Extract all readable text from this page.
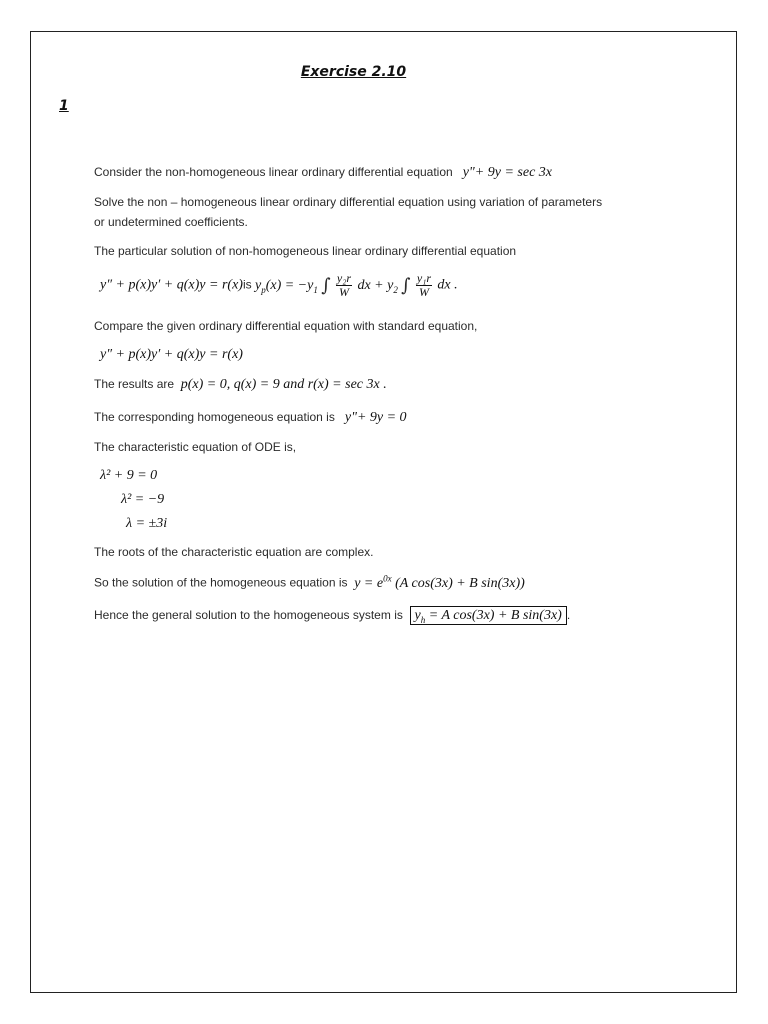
Exercise 2.10
1
Consider the non-homogeneous linear ordinary differential equation y"+ 9y = sec 3x
Solve the non – homogeneous linear ordinary differential equation using variation of parameters
or undetermined coefficients.
The particular solution of non-homogeneous linear ordinary differential equation
y″ + p(x)y′ + q(x)y = r(x)is $y_p(x) = -y_1$ ∫ $\frac{\text{y₂r}}{W}$ dx + $y_2$ ∫ $\frac{\text{y₁r}}{W}$ dx .
Compare the given ordinary differential equation with standard equation,
y″ + p(x)y′ + q(x)y = r(x)
The results are p(x) = 0, q(x) = 9 and r(x) = sec 3x .
The corresponding homogeneous equation is y"+ 9y = 0
The characteristic equation of ODE is,
λ² + 9 = 0
λ² = −9
λ = ±3i
The roots of the characteristic equation are complex.
So the solution of the homogeneous equation is $y = e^{0x}$ (A cos(3x) + B sin(3x))
Hence the general solution to the homogeneous system is $y_h = A$ cos(3x) + B sin(3x) .
